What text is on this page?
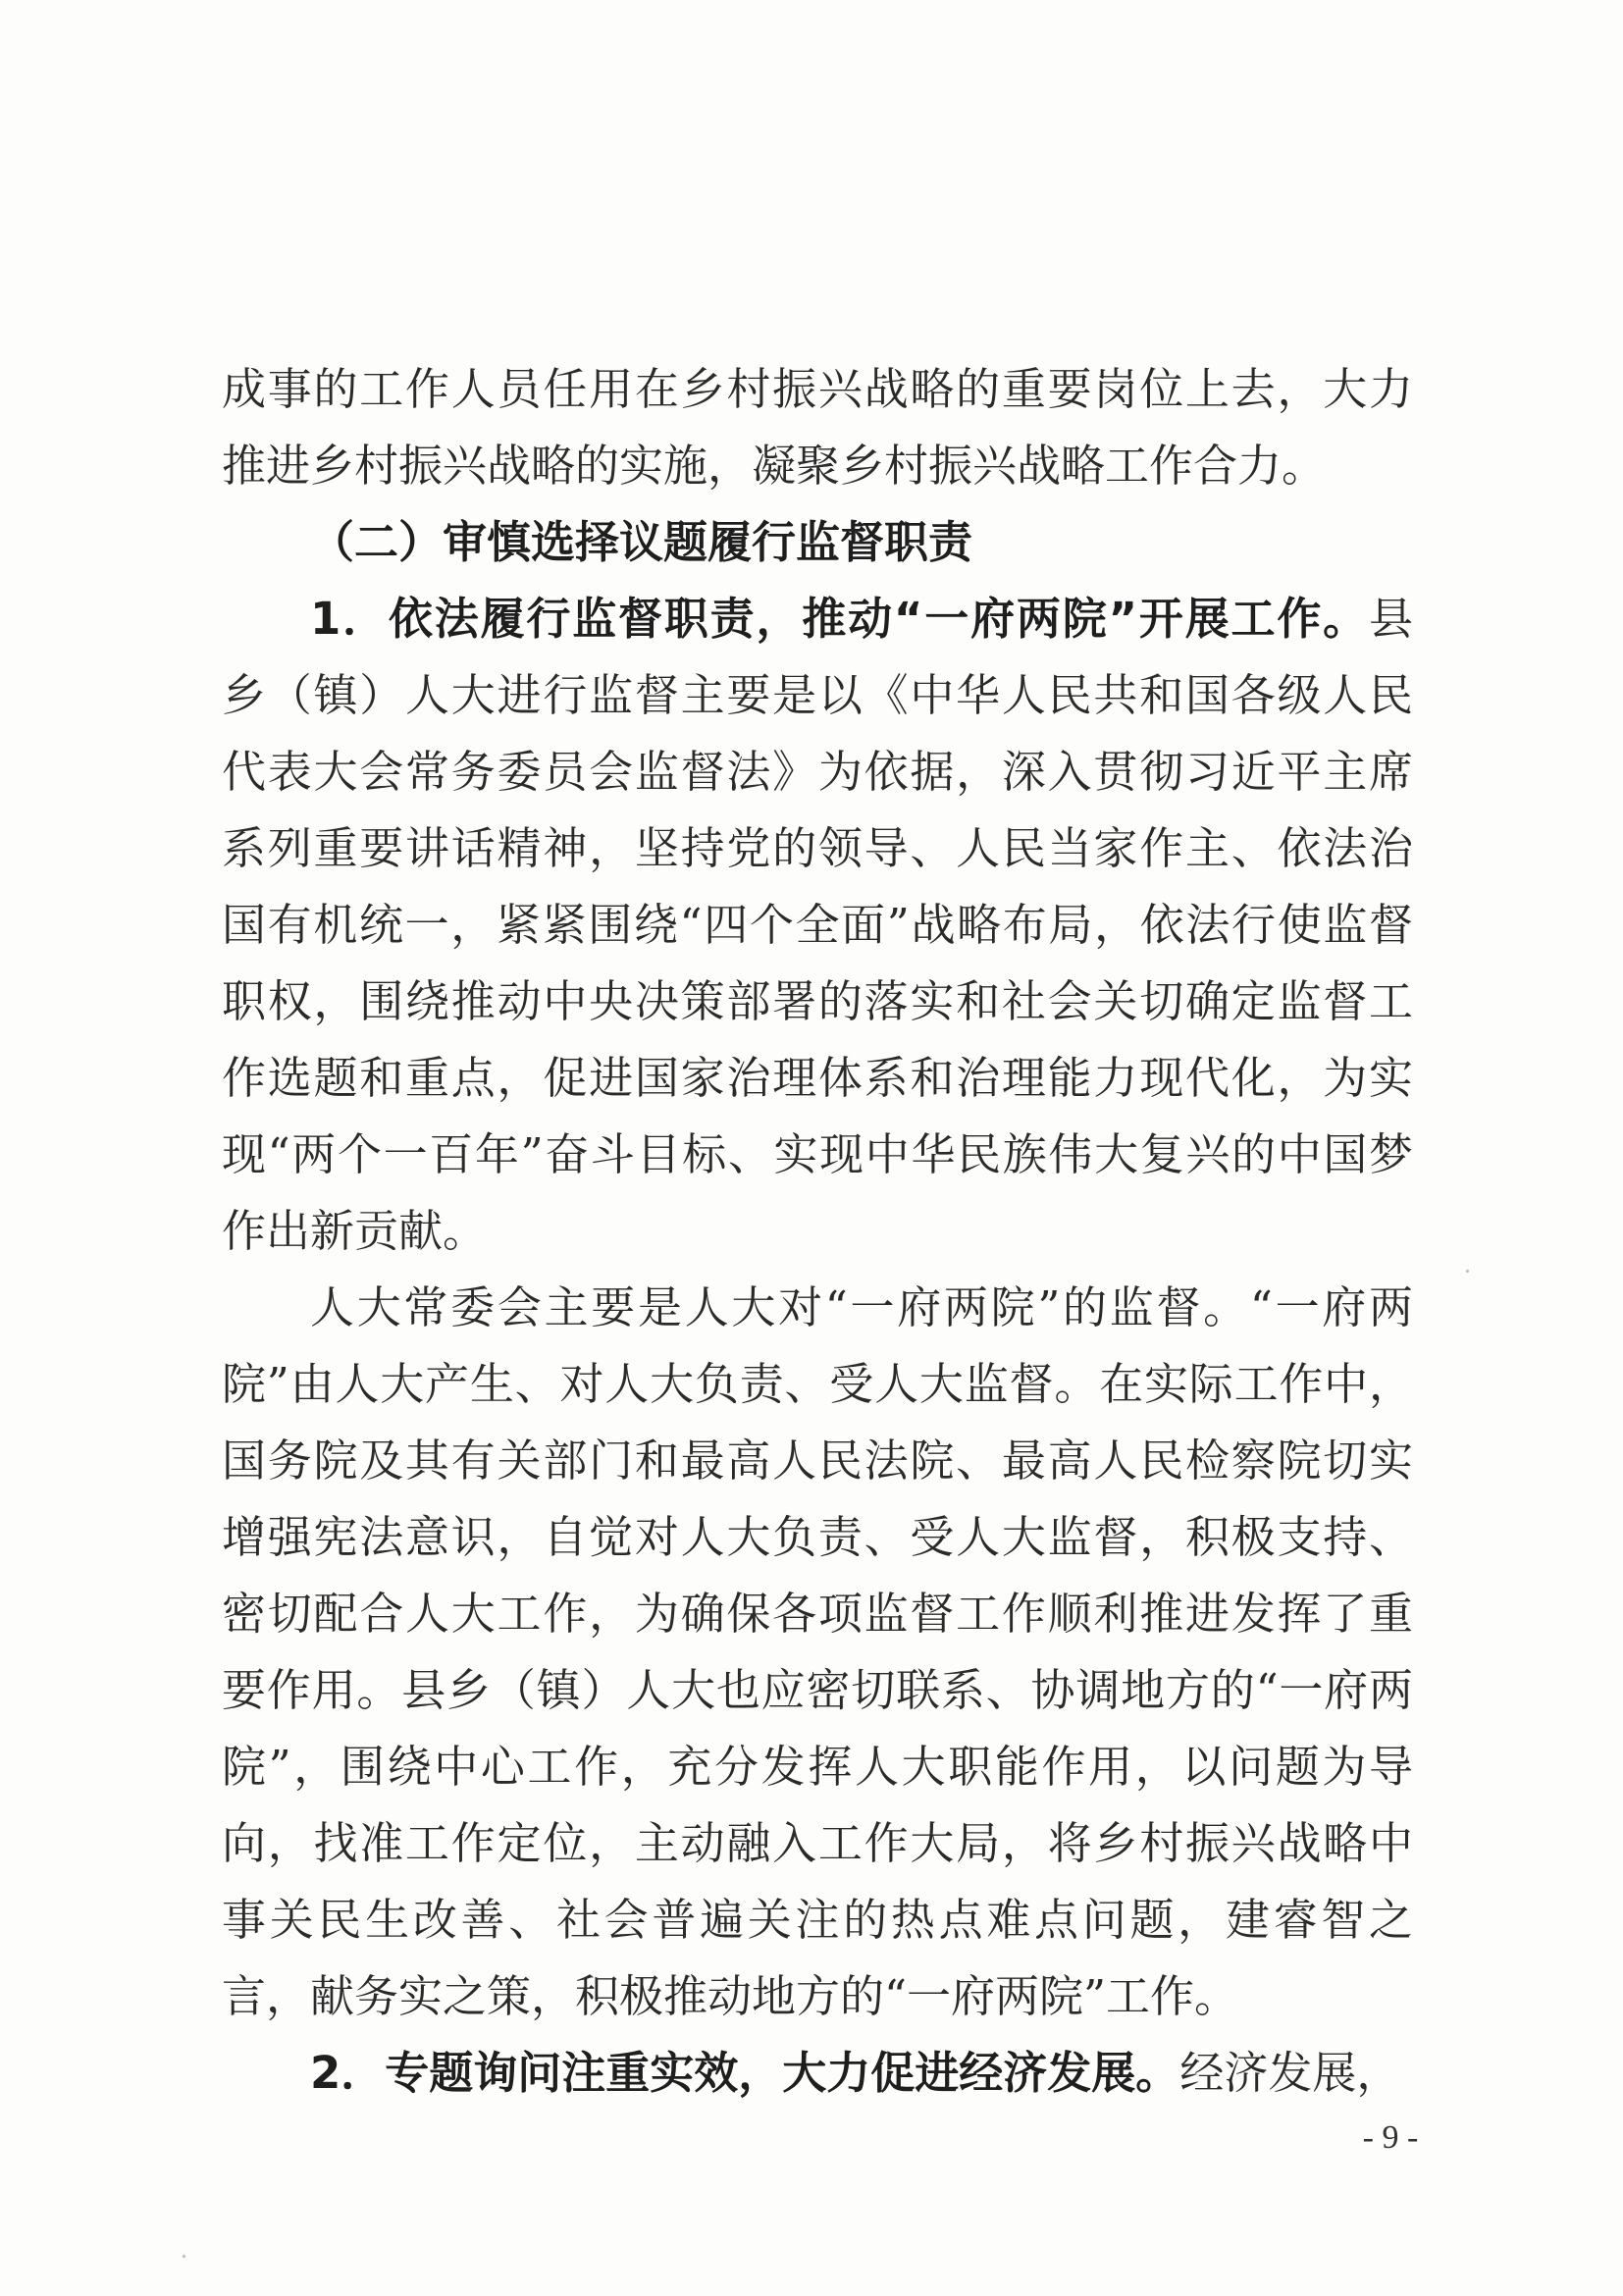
成事的工作人员任用在乡村振兴战略的重要岗位上去，大力推进乡村振兴战略的实施，凝聚乡村振兴战略工作合力。

（二）审慎选择议题履行监督职责

1．依法履行监督职责，推动“一府两院”开展工作。县乡（镇）人大进行监督主要是以《中华人民共和国各级人民代表大会常务委员会监督法》为依据，深入贯彻习近平主席系列重要讲话精神，坚持党的领导、人民当家作主、依法治国有机统一，紧紧围绕“四个全面”战略布局，依法行使监督职权，围绕推动中央决策部署的落实和社会关切确定监督工作选题和重点，促进国家治理体系和治理能力现代化，为实现“两个一百年”奋斗目标、实现中华民族伟大复兴的中国梦作出新贡献。

人大常委会主要是人大对“一府两院”的监督。“一府两院”由人大产生、对人大负责、受人大监督。在实际工作中，国务院及其有关部门和最高人民法院、最高人民检察院切实增强宪法意识，自觉对人大负责、受人大监督，积极支持、密切配合人大工作，为确保各项监督工作顺利推进发挥了重要作用。县乡（镇）人大也应密切联系、协调地方的“一府两院”，围绕中心工作，充分发挥人大职能作用，以问题为导向，找准工作定位，主动融入工作大局，将乡村振兴战略中事关民生改善、社会普遍关注的热点难点问题，建睿智之言，献务实之策，积极推动地方的“一府两院”工作。

2．专题询问注重实效，大力促进经济发展。经济发展，

- 9 -
